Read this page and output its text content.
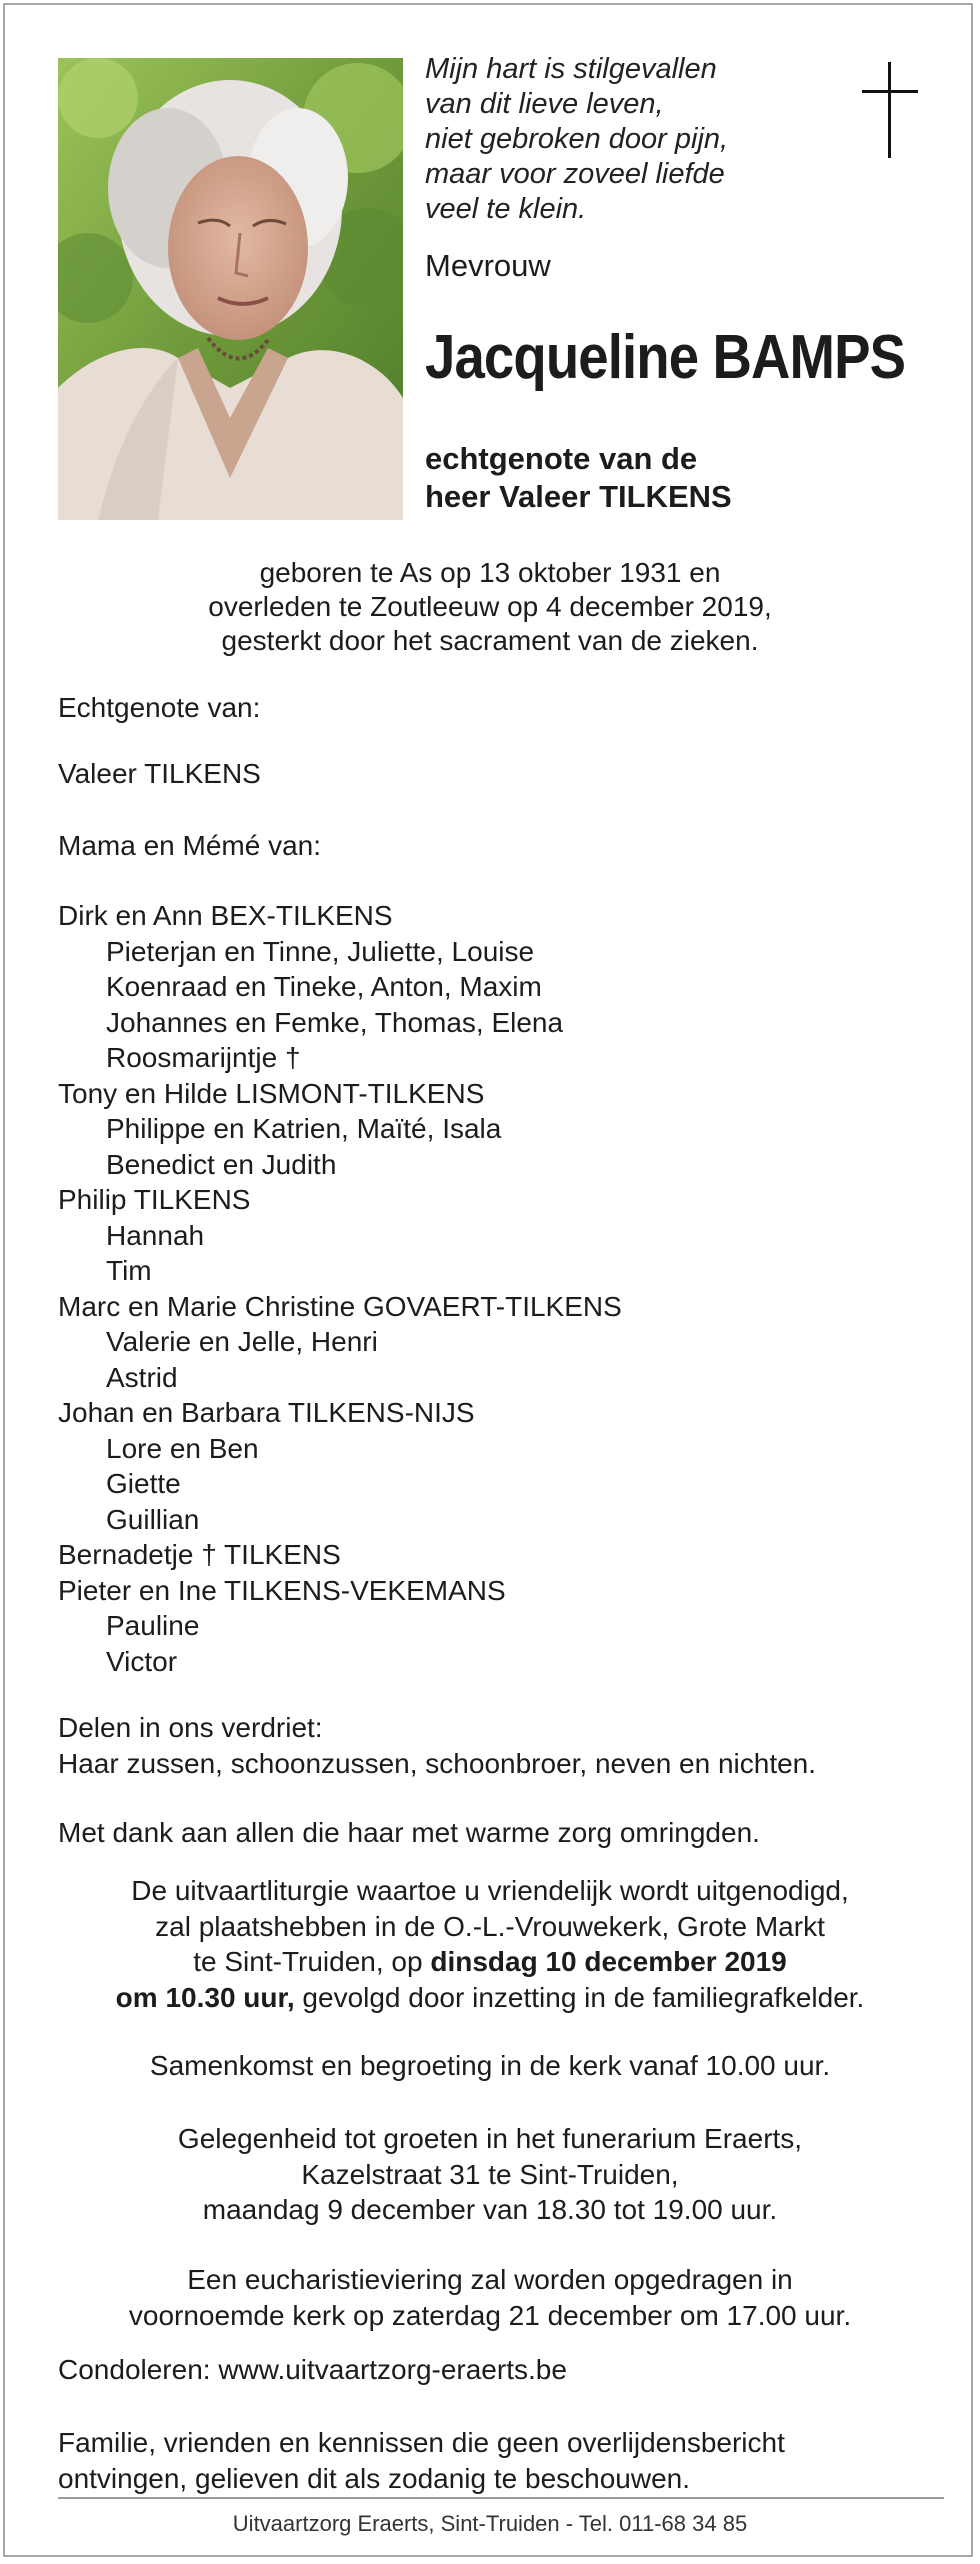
Mijn hart is stilgevallen
van dit lieve leven,
niet gebroken door pijn,
maar voor zoveel liefde
veel te klein.
Mevrouw
Jacqueline BAMPS
echtgenote van de
heer Valeer TILKENS
geboren te As op 13 oktober 1931 en
overleden te Zoutleeuw op 4 december 2019,
gesterkt door het sacrament van de zieken.
Echtgenote van:
Valeer TILKENS
Mama en Mémé van:
Dirk en Ann BEX-TILKENS
Pieterjan en Tinne, Juliette, Louise
Koenraad en Tineke, Anton, Maxim
Johannes en Femke, Thomas, Elena
Roosmarijntje †
Tony en Hilde LISMONT-TILKENS
Philippe en Katrien, Maïté, Isala
Benedict en Judith
Philip TILKENS
Hannah
Tim
Marc en Marie Christine GOVAERT-TILKENS
Valerie en Jelle, Henri
Astrid
Johan en Barbara TILKENS-NIJS
Lore en Ben
Giette
Guillian
Bernadetje † TILKENS
Pieter en Ine TILKENS-VEKEMANS
Pauline
Victor
Delen in ons verdriet:
Haar zussen, schoonzussen, schoonbroer, neven en nichten.
Met dank aan allen die haar met warme zorg omringden.
De uitvaartliturgie waartoe u vriendelijk wordt uitgenodigd,
zal plaatshebben in de O.-L.-Vrouwekerk, Grote Markt
te Sint-Truiden, op dinsdag 10 december 2019
om 10.30 uur, gevolgd door inzetting in de familiegrafkelder.
Samenkomst en begroeting in de kerk vanaf 10.00 uur.
Gelegenheid tot groeten in het funerarium Eraerts,
Kazelstraat 31 te Sint-Truiden,
maandag 9 december van 18.30 tot 19.00 uur.
Een eucharistieviering zal worden opgedragen in
voornoemde kerk op zaterdag 21 december om 17.00 uur.
Condoleren: www.uitvaartzorg-eraerts.be
Familie, vrienden en kennissen die geen overlijdensbericht
ontvingen, gelieven dit als zodanig te beschouwen.
Uitvaartzorg Eraerts, Sint-Truiden - Tel. 011-68 34 85
